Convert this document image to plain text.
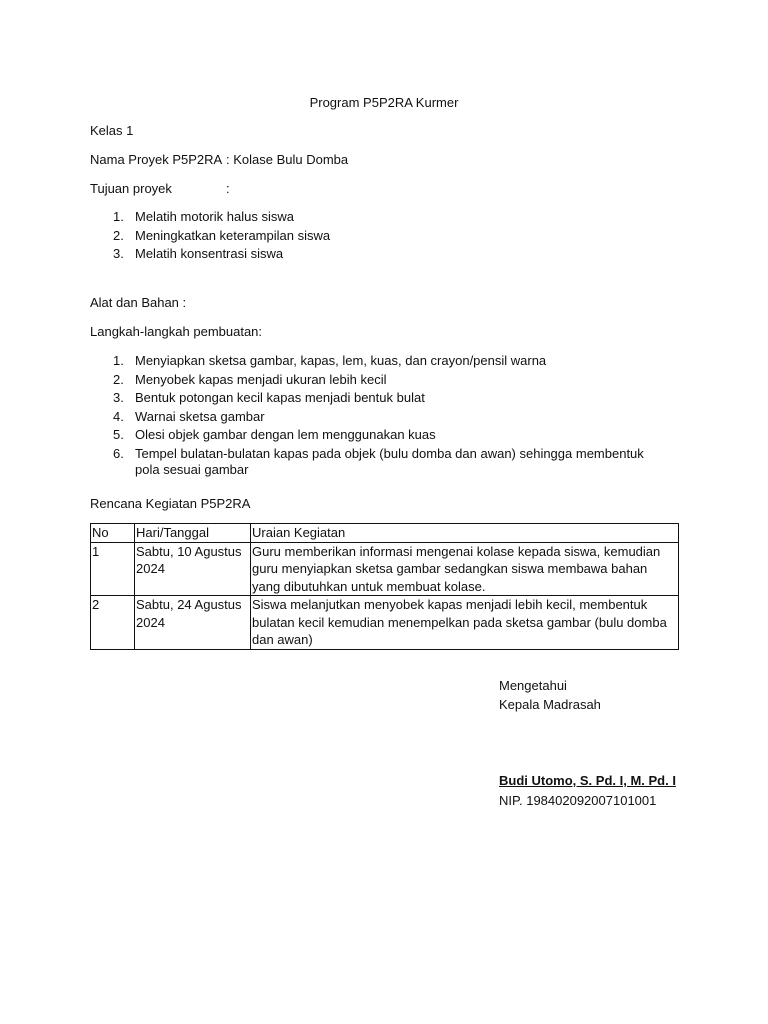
Program P5P2RA Kurmer
Kelas 1
Nama Proyek P5P2RA : Kolase Bulu Domba
Tujuan proyek	:
1. Melatih motorik halus siswa
2. Meningkatkan keterampilan siswa
3. Melatih konsentrasi siswa
Alat dan Bahan :
Langkah-langkah pembuatan:
1. Menyiapkan sketsa gambar, kapas, lem, kuas, dan crayon/pensil warna
2. Menyobek kapas menjadi ukuran lebih kecil
3. Bentuk potongan kecil kapas menjadi bentuk bulat
4. Warnai sketsa gambar
5. Olesi objek gambar dengan lem menggunakan kuas
6. Tempel bulatan-bulatan kapas pada objek (bulu domba dan awan) sehingga membentuk pola sesuai gambar
Rencana Kegiatan P5P2RA
No	Hari/Tanggal	Uraian Kegiatan
1	Sabtu, 10 Agustus 2024	Guru memberikan informasi mengenai kolase kepada siswa, kemudian guru menyiapkan sketsa gambar sedangkan siswa membawa bahan yang dibutuhkan untuk membuat kolase.
2	Sabtu, 24 Agustus 2024	Siswa melanjutkan menyobek kapas menjadi lebih kecil, membentuk bulatan kecil kemudian menempelkan pada sketsa gambar (bulu domba dan awan)
Mengetahui
Kepala Madrasah
Budi Utomo, S. Pd. I, M. Pd. I
NIP. 198402092007101001
